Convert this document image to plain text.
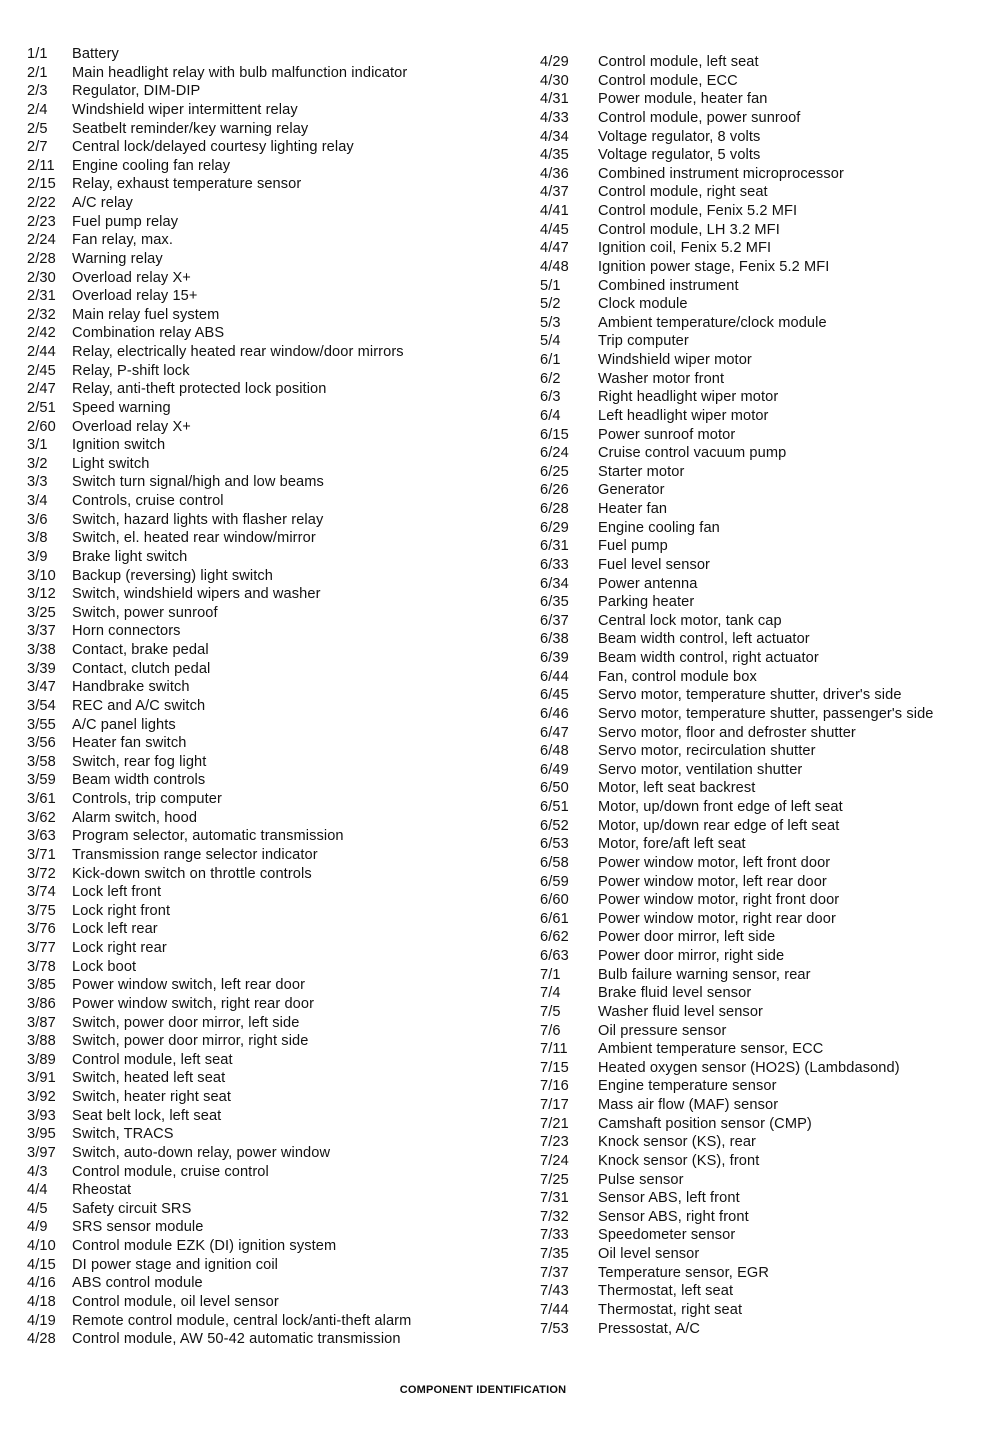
1/1	Battery
2/1	Main headlight relay with bulb malfunction indicator
2/3	Regulator, DIM-DIP
2/4	Windshield wiper intermittent relay
2/5	Seatbelt reminder/key warning relay
2/7	Central lock/delayed courtesy lighting relay
2/11	Engine cooling fan relay
2/15	Relay, exhaust temperature sensor
2/22	A/C relay
2/23	Fuel pump relay
2/24	Fan relay, max.
2/28	Warning relay
2/30	Overload relay X+
2/31	Overload relay 15+
2/32	Main relay fuel system
2/42	Combination relay ABS
2/44	Relay, electrically heated rear window/door mirrors
2/45	Relay, P-shift lock
2/47	Relay, anti-theft protected lock position
2/51	Speed warning
2/60	Overload relay X+
3/1	Ignition switch
3/2	Light switch
3/3	Switch turn signal/high and low beams
3/4	Controls, cruise control
3/6	Switch, hazard lights with flasher relay
3/8	Switch, el. heated rear window/mirror
3/9	Brake light switch
3/10	Backup (reversing) light switch
3/12	Switch, windshield wipers and washer
3/25	Switch, power sunroof
3/37	Horn connectors
3/38	Contact, brake pedal
3/39	Contact, clutch pedal
3/47	Handbrake switch
3/54	REC and A/C switch
3/55	A/C panel lights
3/56	Heater fan switch
3/58	Switch, rear fog light
3/59	Beam width controls
3/61	Controls, trip computer
3/62	Alarm switch, hood
3/63	Program selector, automatic transmission
3/71	Transmission range selector indicator
3/72	Kick-down switch on throttle controls
3/74	Lock left front
3/75	Lock right front
3/76	Lock left rear
3/77	Lock right rear
3/78	Lock boot
3/85	Power window switch, left rear door
3/86	Power window switch, right rear door
3/87	Switch, power door mirror, left side
3/88	Switch, power door mirror, right side
3/89	Control module, left seat
3/91	Switch, heated left seat
3/92	Switch, heater right seat
3/93	Seat belt lock, left seat
3/95	Switch, TRACS
3/97	Switch, auto-down relay, power window
4/3	Control module, cruise control
4/4	Rheostat
4/5	Safety circuit SRS
4/9	SRS sensor module
4/10	Control module EZK (DI) ignition system
4/15	DI power stage and ignition coil
4/16	ABS control module
4/18	Control module, oil level sensor
4/19	Remote control module, central lock/anti-theft alarm
4/28	Control module, AW 50-42 automatic transmission
4/29	Control module, left seat
4/30	Control module, ECC
4/31	Power module, heater fan
4/33	Control module, power sunroof
4/34	Voltage regulator, 8 volts
4/35	Voltage regulator, 5 volts
4/36	Combined instrument microprocessor
4/37	Control module, right seat
4/41	Control module, Fenix 5.2 MFI
4/45	Control module, LH 3.2 MFI
4/47	Ignition coil, Fenix 5.2 MFI
4/48	Ignition power stage, Fenix 5.2 MFI
5/1	Combined instrument
5/2	Clock module
5/3	Ambient temperature/clock module
5/4	Trip computer
6/1	Windshield wiper motor
6/2	Washer motor front
6/3	Right headlight wiper motor
6/4	Left headlight wiper motor
6/15	Power sunroof motor
6/24	Cruise control vacuum pump
6/25	Starter motor
6/26	Generator
6/28	Heater fan
6/29	Engine cooling fan
6/31	Fuel pump
6/33	Fuel level sensor
6/34	Power antenna
6/35	Parking heater
6/37	Central lock motor, tank cap
6/38	Beam width control, left actuator
6/39	Beam width control, right actuator
6/44	Fan, control module box
6/45	Servo motor, temperature shutter, driver's side
6/46	Servo motor, temperature shutter, passenger's side
6/47	Servo motor, floor and defroster shutter
6/48	Servo motor, recirculation shutter
6/49	Servo motor, ventilation shutter
6/50	Motor, left seat backrest
6/51	Motor, up/down front edge of left seat
6/52	Motor, up/down rear edge of left seat
6/53	Motor, fore/aft left seat
6/58	Power window motor, left front door
6/59	Power window motor, left rear door
6/60	Power window motor, right front door
6/61	Power window motor, right rear door
6/62	Power door mirror, left side
6/63	Power door mirror, right side
7/1	Bulb failure warning sensor, rear
7/4	Brake fluid level sensor
7/5	Washer fluid level sensor
7/6	Oil pressure sensor
7/11	Ambient temperature sensor, ECC
7/15	Heated oxygen sensor (HO2S) (Lambdasond)
7/16	Engine temperature sensor
7/17	Mass air flow (MAF) sensor
7/21	Camshaft position sensor (CMP)
7/23	Knock sensor (KS), rear
7/24	Knock sensor (KS), front
7/25	Pulse sensor
7/31	Sensor ABS, left front
7/32	Sensor ABS, right front
7/33	Speedometer sensor
7/35	Oil level sensor
7/37	Temperature sensor, EGR
7/43	Thermostat, left seat
7/44	Thermostat, right seat
7/53	Pressostat, A/C
COMPONENT IDENTIFICATION
